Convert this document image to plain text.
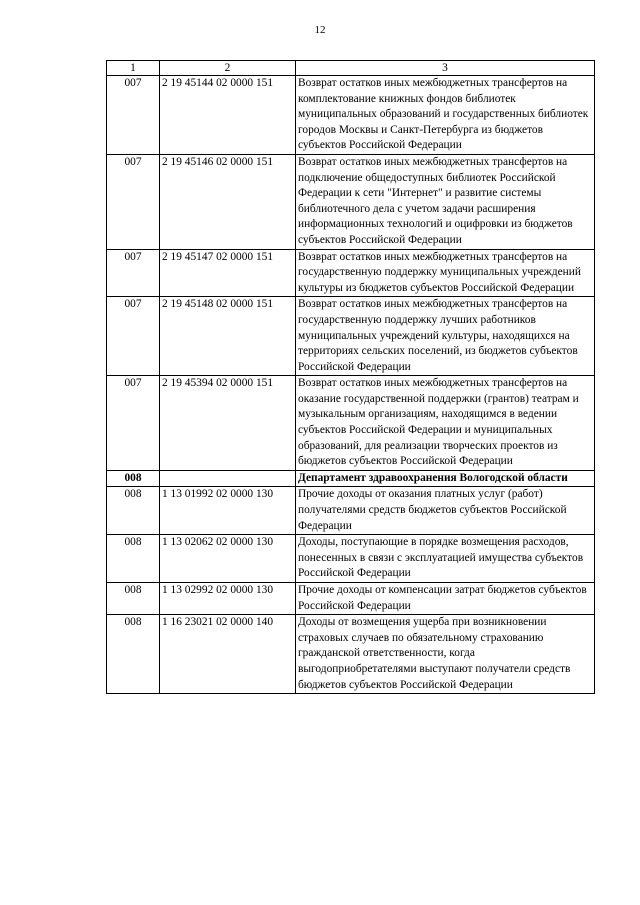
12
1	2	3
007	2 19 45144 02 0000 151	Возврат остатков иных межбюджетных трансфертов на комплектование книжных фондов библиотек муниципальных образований и государственных библиотек городов Москвы и Санкт-Петербурга из бюджетов субъектов Российской Федерации
007	2 19 45146 02 0000 151	Возврат остатков иных межбюджетных трансфертов на подключение общедоступных библиотек Российской Федерации к сети "Интернет" и развитие системы библиотечного дела с учетом задачи расширения информационных технологий и оцифровки из бюджетов субъектов Российской Федерации
007	2 19 45147 02 0000 151	Возврат остатков иных межбюджетных трансфертов на государственную поддержку муниципальных учреждений культуры из бюджетов субъектов Российской Федерации
007	2 19 45148 02 0000 151	Возврат остатков иных межбюджетных трансфертов на государственную поддержку лучших работников муниципальных учреждений культуры, находящихся на территориях сельских поселений, из бюджетов субъектов Российской Федерации
007	2 19 45394 02 0000 151	Возврат остатков иных межбюджетных трансфертов на оказание государственной поддержки (грантов) театрам и музыкальным организациям, находящимся в ведении субъектов Российской Федерации и муниципальных образований, для реализации творческих проектов из бюджетов субъектов Российской Федерации
008		Департамент здравоохранения Вологодской области
008	1 13 01992 02 0000 130	Прочие доходы от оказания платных услуг (работ) получателями средств бюджетов субъектов Российской Федерации
008	1 13 02062 02 0000 130	Доходы, поступающие в порядке возмещения расходов, понесенных в связи с эксплуатацией имущества субъектов Российской Федерации
008	1 13 02992 02 0000 130	Прочие доходы от компенсации затрат бюджетов субъектов Российской Федерации
008	1 16 23021 02 0000 140	Доходы от возмещения ущерба при возникновении страховых случаев по обязательному страхованию гражданской ответственности, когда выгодоприобретателями выступают получатели средств бюджетов субъектов Российской Федерации
